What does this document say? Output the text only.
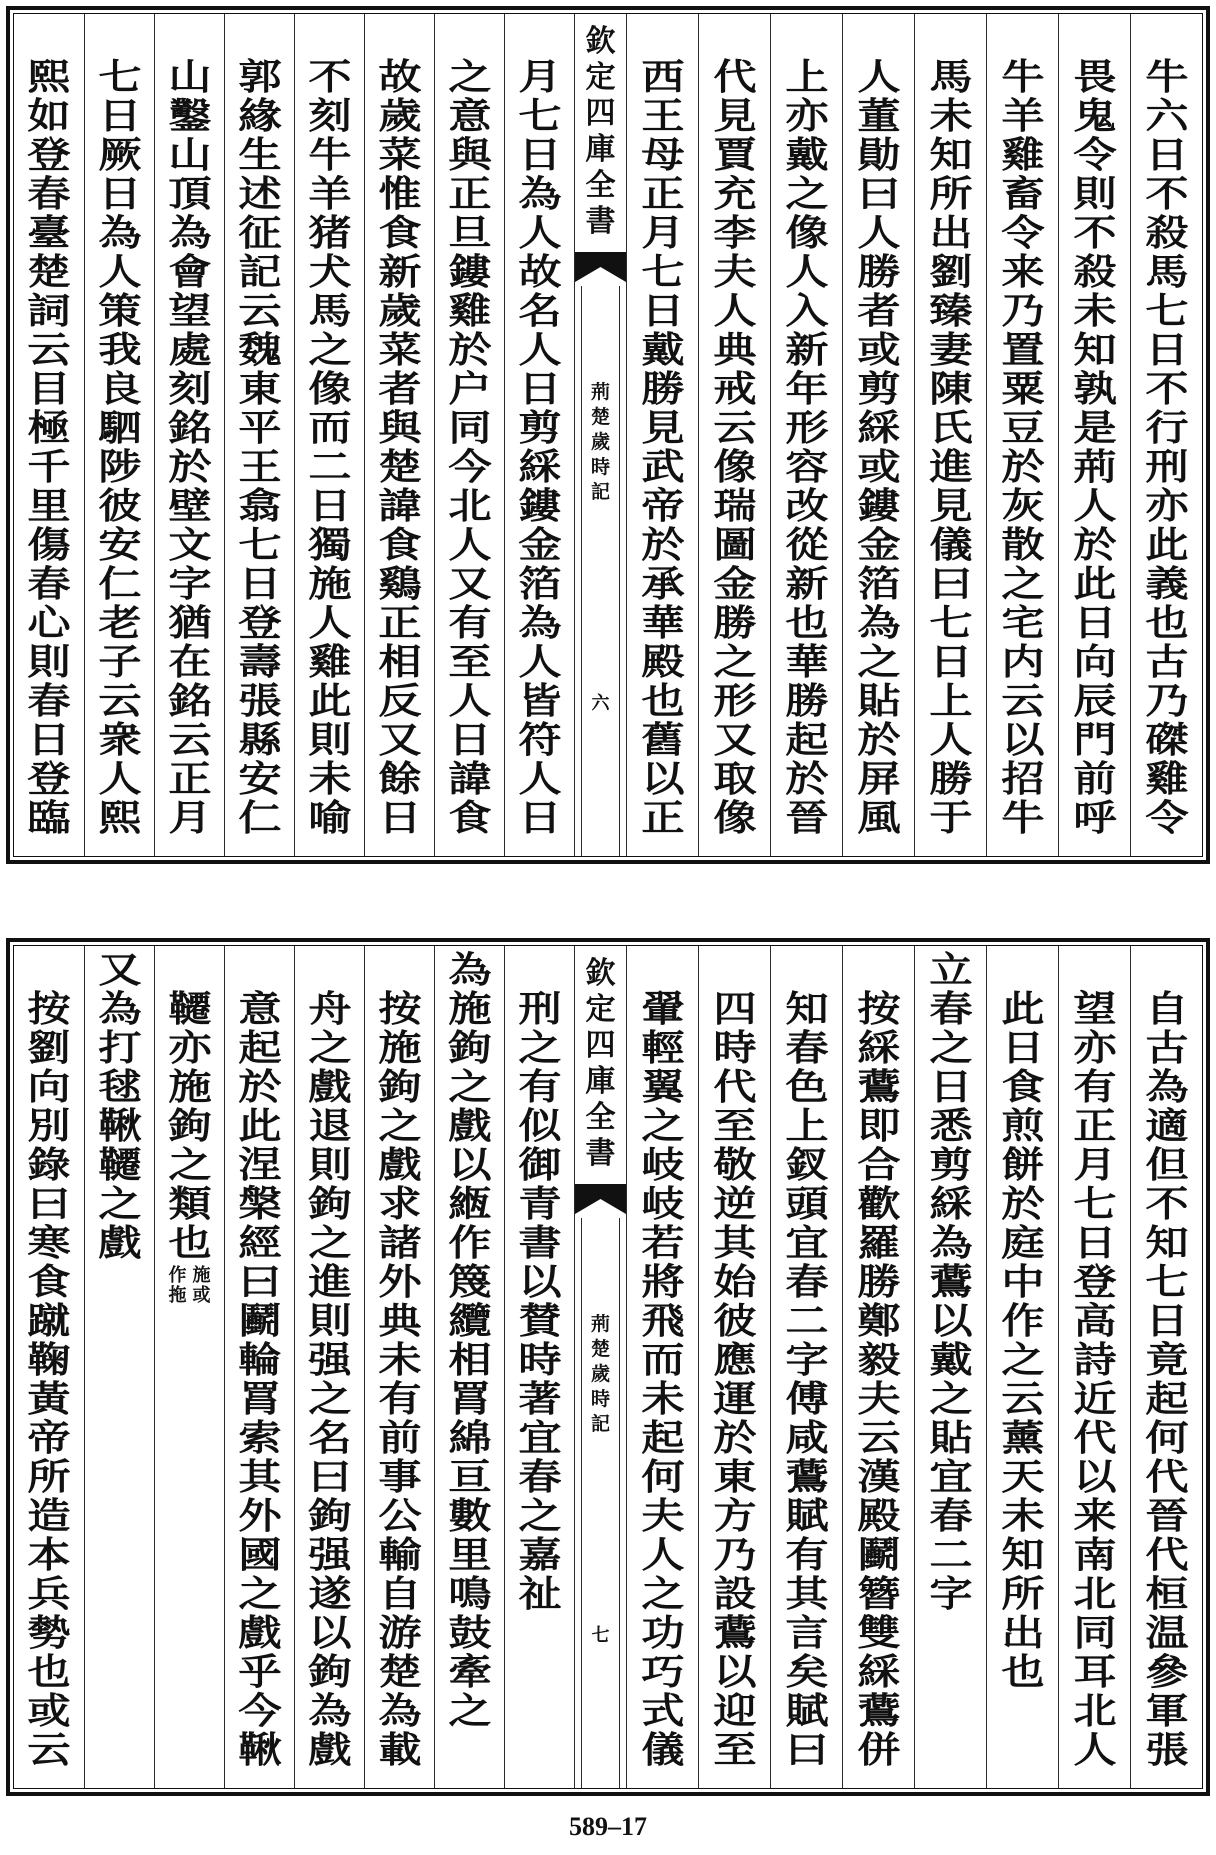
牛六日不殺馬七日不行刑亦此義也古乃磔雞令
畏鬼令則不殺未知孰是荊人於此日向辰門前呼
牛羊雞畜令来乃置粟豆於灰散之宅内云以招牛
馬未知所出劉臻妻陳氏進見儀曰七日上人勝于
人董勛曰人勝者或剪綵或鏤金箔為之貼於屏風
上亦戴之像人入新年形容改從新也華勝起於晉
代見賈充李夫人典戒云像瑞圖金勝之形又取像
西王母正月七日戴勝見武帝於承華殿也舊以正
欽定四庫全書
荊楚歲時記
六
月七日為人故名人日剪綵鏤金箔為人皆符人日
之意與正旦鏤雞於户同今北人又有至人日諱食
故歲菜惟食新歲菜者與楚諱食鷄正相反又餘日
不刻牛羊猪犬馬之像而二日獨施人雞此則未喻
郭緣生述征記云魏東平王翕七日登壽張縣安仁
山鑿山頂為會望處刻銘於壁文字猶在銘云正月
七日厥日為人策我良駟陟彼安仁老子云衆人熙
熙如登春臺楚詞云目極千里傷春心則春日登臨
自古為適但不知七日竟起何代晉代桓温參軍張
望亦有正月七日登高詩近代以来南北同耳北人
此日食煎餅於庭中作之云薰天未知所出也
立春之日悉剪綵為鷰以戴之貼宜春二字
按綵鷰即合歡羅勝鄭毅夫云漢殿鬬簪雙綵鷰併
知春色上釵頭宜春二字傅咸鷰賦有其言矣賦曰
四時代至敬逆其始彼應運於東方乃設鷰以迎至
翬輕翼之岐岐若將飛而未起何夫人之功巧式儀
欽定四庫全書
荊楚歲時記
七
刑之有似御青書以賛時著宜春之嘉祉
為施鉤之戲以緪作篾纜相罥綿亘數里鳴鼓牽之
按施鉤之戲求諸外典未有前事公輸自游楚為載
舟之戲退則鉤之進則强之名曰鉤强遂以鉤為戲
意起於此涅槃經曰鬬輪罥索其外國之戲乎今鞦
韆亦施鉤之類也
施或
作拖
又為打毬鞦韆之戲
按劉向別錄曰寒食蹴鞠黃帝所造本兵勢也或云
589–17
